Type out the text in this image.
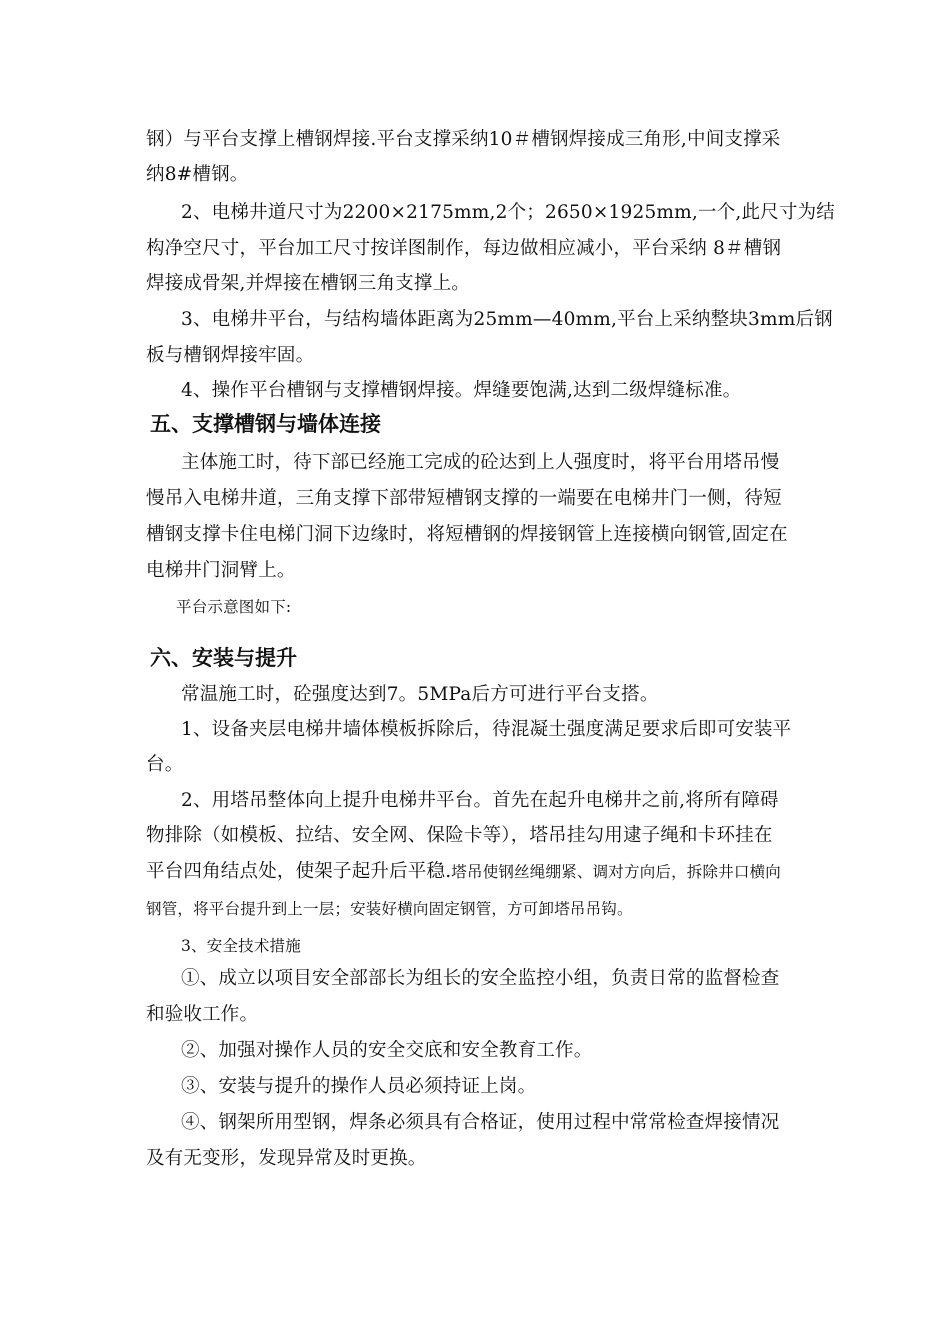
钢）与平台支撑上槽钢焊接.平台支撑采纳10＃槽钢焊接成三角形,中间支撑采
纳8#槽钢。
2、电梯井道尺寸为2200×2175mm,2个；2650×1925mm,一个,此尺寸为结
构净空尺寸，平台加工尺寸按详图制作，每边做相应减小，平台采纳 8＃槽钢
焊接成骨架,并焊接在槽钢三角支撑上。
3、电梯井平台，与结构墙体距离为25mm—40mm,平台上采纳整块3mm后钢
板与槽钢焊接牢固。
4、操作平台槽钢与支撑槽钢焊接。焊缝要饱满,达到二级焊缝标准。
五、支撑槽钢与墙体连接
主体施工时，待下部已经施工完成的砼达到上人强度时，将平台用塔吊慢
慢吊入电梯井道，三角支撑下部带短槽钢支撑的一端要在电梯井门一侧，待短
槽钢支撑卡住电梯门洞下边缘时，将短槽钢的焊接钢管上连接横向钢管,固定在
电梯井门洞臂上。
平台示意图如下:
六、安装与提升
常温施工时，砼强度达到7。5MPa后方可进行平台支搭。
1、设备夹层电梯井墙体模板拆除后，待混凝土强度满足要求后即可安装平
台。
2、用塔吊整体向上提升电梯井平台。首先在起升电梯井之前,将所有障碍
物排除（如模板、拉结、安全网、保险卡等），塔吊挂勾用逮子绳和卡环挂在
平台四角结点处，使架子起升后平稳.塔吊使钢丝绳绷紧、调对方向后，拆除井口横向
钢管，将平台提升到上一层；安装好横向固定钢管，方可卸塔吊吊钩。
3、安全技术措施
①、成立以项目安全部部长为组长的安全监控小组，负责日常的监督检查
和验收工作。
②、加强对操作人员的安全交底和安全教育工作。
③、安装与提升的操作人员必须持证上岗。
④、钢架所用型钢，焊条必须具有合格证，使用过程中常常检查焊接情况
及有无变形，发现异常及时更换。
